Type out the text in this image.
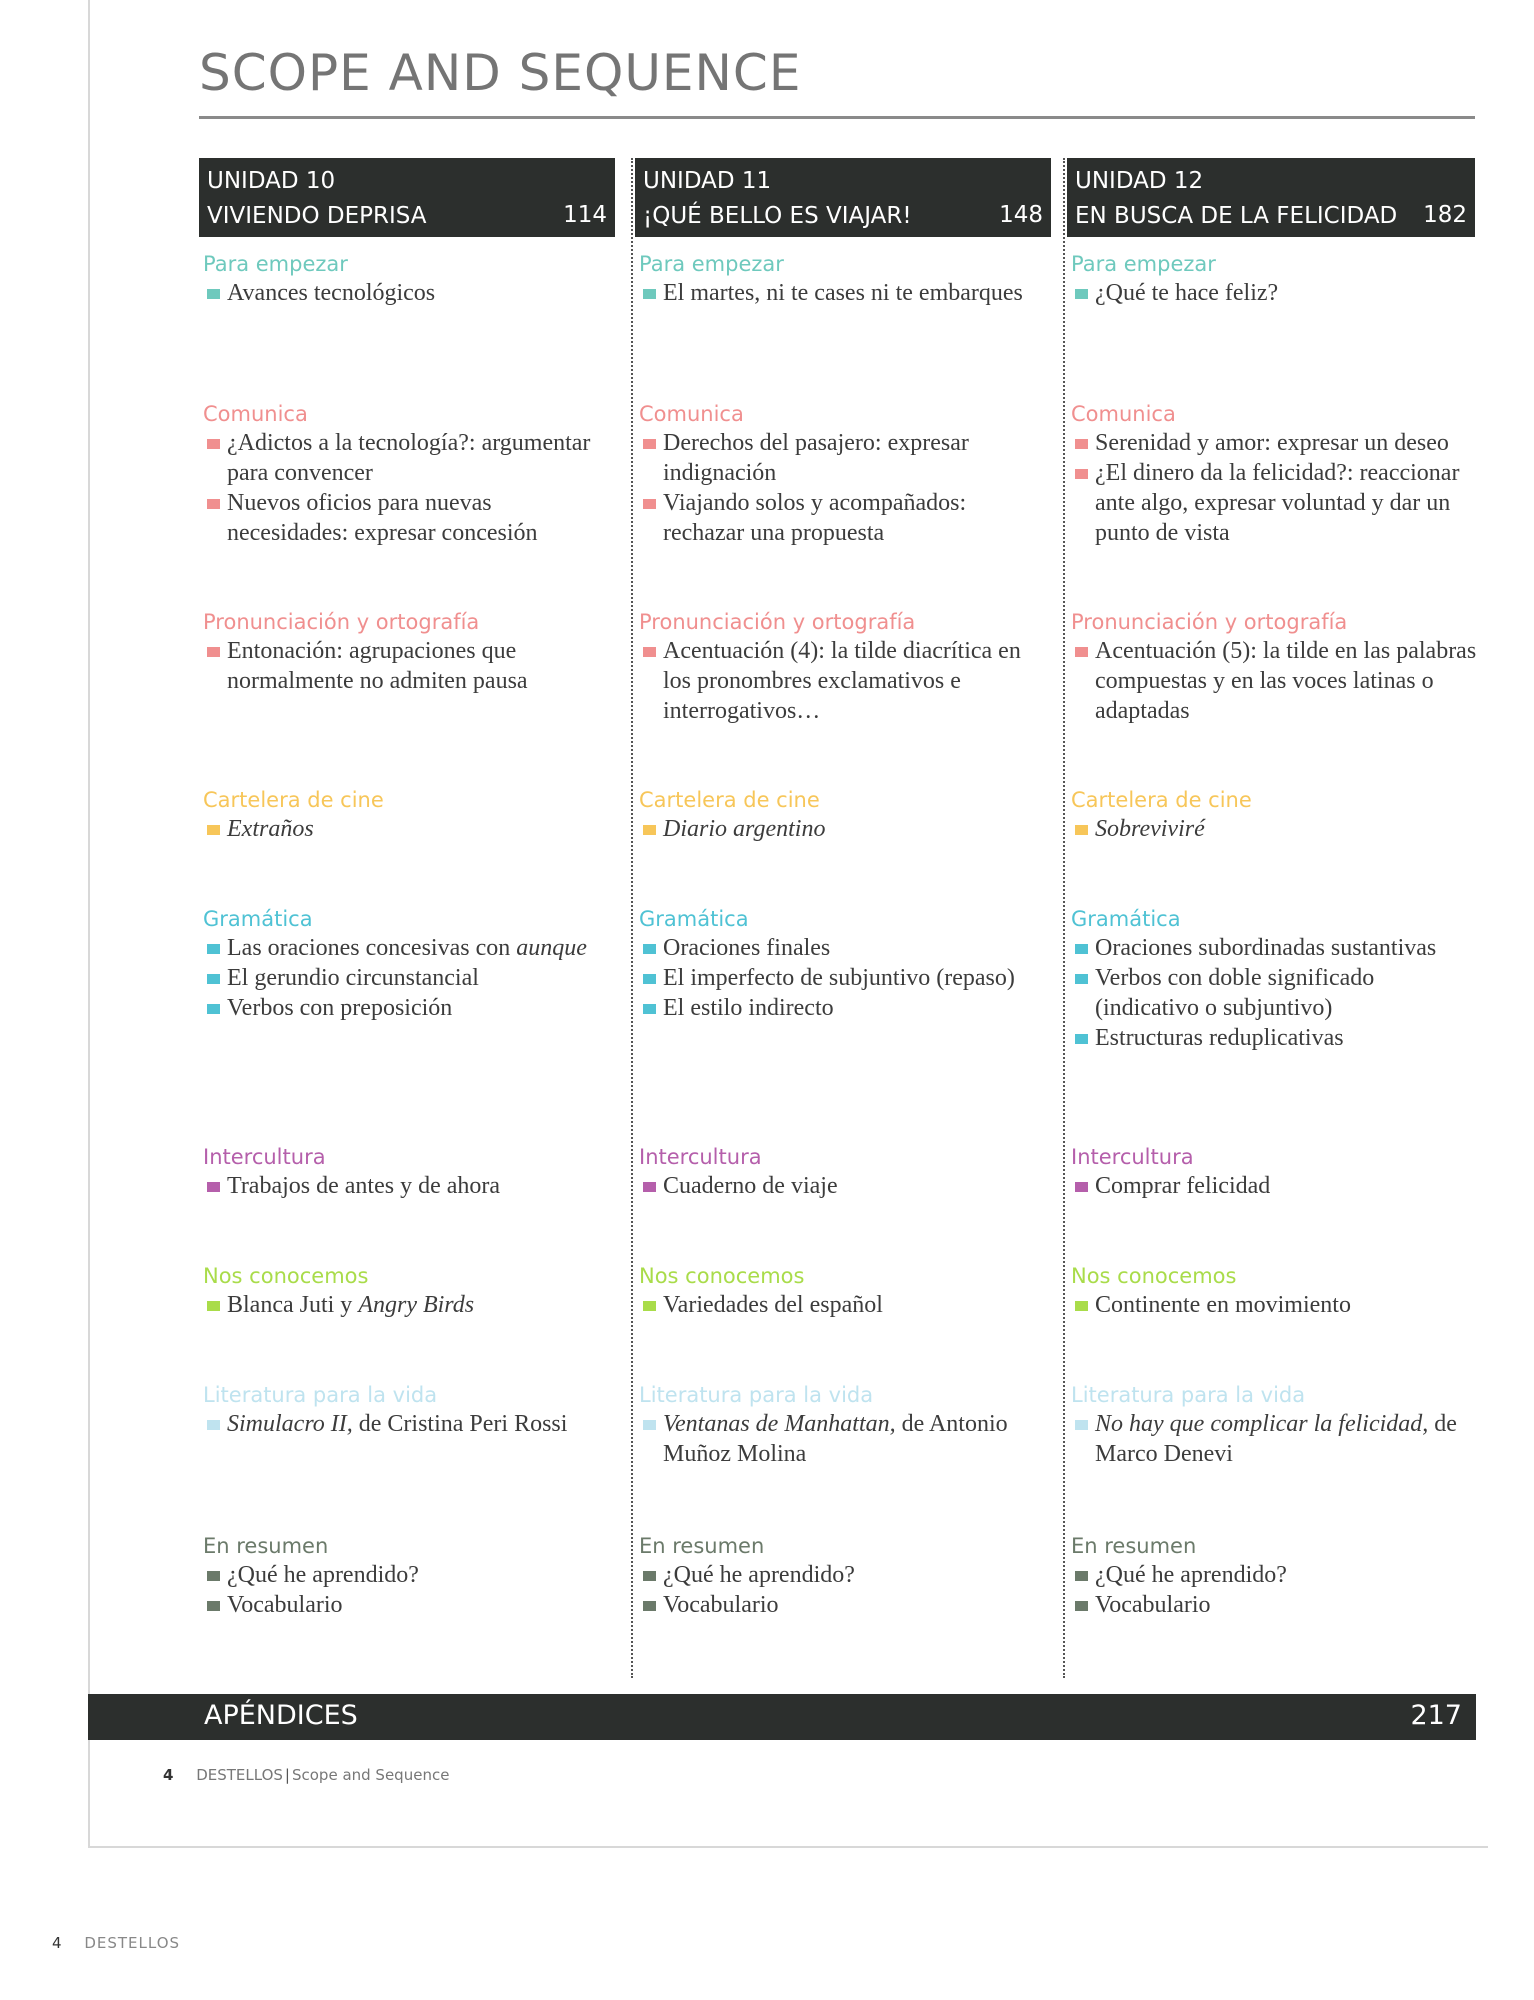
SCOPE AND SEQUENCE
UNIDAD 10
VIVIENDO DEPRISA	114
Para empezar
Avances tecnológicos
Comunica
¿Adictos a la tecnología?: argumentar para convencer
Nuevos oficios para nuevas necesidades: expresar concesión
Pronunciación y ortografía
Entonación: agrupaciones que normalmente no admiten pausa
Cartelera de cine
Extraños
Gramática
Las oraciones concesivas con aunque
El gerundio circunstancial
Verbos con preposición
Intercultura
Trabajos de antes y de ahora
Nos conocemos
Blanca Juti y Angry Birds
Literatura para la vida
Simulacro II, de Cristina Peri Rossi
En resumen
¿Qué he aprendido?
Vocabulario
UNIDAD 11
¡QUÉ BELLO ES VIAJAR!	148
Para empezar
El martes, ni te cases ni te embarques
Comunica
Derechos del pasajero: expresar indignación
Viajando solos y acompañados: rechazar una propuesta
Pronunciación y ortografía
Acentuación (4): la tilde diacrítica en los pronombres exclamativos e interrogativos…
Cartelera de cine
Diario argentino
Gramática
Oraciones finales
El imperfecto de subjuntivo (repaso)
El estilo indirecto
Intercultura
Cuaderno de viaje
Nos conocemos
Variedades del español
Literatura para la vida
Ventanas de Manhattan, de Antonio Muñoz Molina
En resumen
¿Qué he aprendido?
Vocabulario
UNIDAD 12
EN BUSCA DE LA FELICIDAD	182
Para empezar
¿Qué te hace feliz?
Comunica
Serenidad y amor: expresar un deseo
¿El dinero da la felicidad?: reaccionar ante algo, expresar voluntad y dar un punto de vista
Pronunciación y ortografía
Acentuación (5): la tilde en las palabras compuestas y en las voces latinas o adaptadas
Cartelera de cine
Sobreviviré
Gramática
Oraciones subordinadas sustantivas
Verbos con doble significado (indicativo o subjuntivo)
Estructuras reduplicativas
Intercultura
Comprar felicidad
Nos conocemos
Continente en movimiento
Literatura para la vida
No hay que complicar la felicidad, de Marco Denevi
En resumen
¿Qué he aprendido?
Vocabulario
APÉNDICES	217
4 DESTELLOS | Scope and Sequence
4 DESTELLOS
